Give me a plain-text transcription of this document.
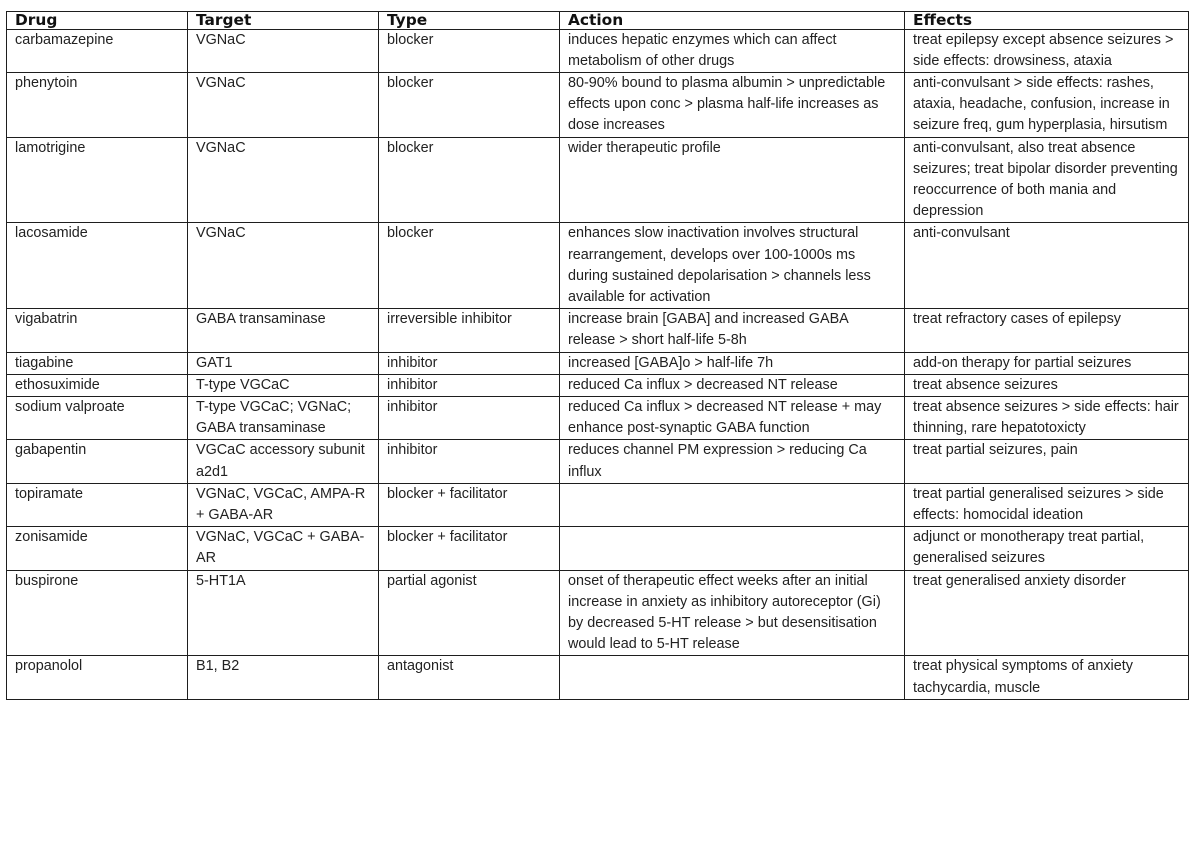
Drug	Target	Type	Action	Effects
carbamazepine	VGNaC	blocker	induces hepatic enzymes which can affect metabolism of other drugs	treat epilepsy except absence seizures > side effects: drowsiness, ataxia
phenytoin	VGNaC	blocker	80-90% bound to plasma albumin > unpredictable effects upon conc > plasma half-life increases as dose increases	anti-convulsant > side effects: rashes, ataxia, headache, confusion, increase in seizure freq, gum hyperplasia, hirsutism
lamotrigine	VGNaC	blocker	wider therapeutic profile	anti-convulsant, also treat absence seizures; treat bipolar disorder preventing reoccurrence of both mania and depression
lacosamide	VGNaC	blocker	enhances slow inactivation involves structural rearrangement, develops over 100-1000s ms during sustained depolarisation > channels less available for activation	anti-convulsant
vigabatrin	GABA transaminase	irreversible inhibitor	increase brain [GABA] and increased GABA release > short half-life 5-8h	treat refractory cases of epilepsy
tiagabine	GAT1	inhibitor	increased [GABA]o > half-life 7h	add-on therapy for partial seizures
ethosuximide	T-type VGCaC	inhibitor	reduced Ca influx > decreased NT release	treat absence seizures
sodium valproate	T-type VGCaC; VGNaC; GABA transaminase	inhibitor	reduced Ca influx > decreased NT release + may enhance post-synaptic GABA function	treat absence seizures > side effects: hair thinning, rare hepatotoxicty
gabapentin	VGCaC accessory subunit a2d1	inhibitor	reduces channel PM expression > reducing Ca influx	treat partial seizures, pain
topiramate	VGNaC, VGCaC, AMPA-R + GABA-AR	blocker + facilitator		treat partial generalised seizures > side effects: homocidal ideation
zonisamide	VGNaC, VGCaC + GABA-AR	blocker + facilitator		adjunct or monotherapy treat partial, generalised seizures
buspirone	5-HT1A	partial agonist	onset of therapeutic effect weeks after an initial increase in anxiety as inhibitory autoreceptor (Gi) by decreased 5-HT release > but desensitisation would lead to 5-HT release	treat generalised anxiety disorder
propanolol	B1, B2	antagonist		treat physical symptoms of anxiety tachycardia, muscle
